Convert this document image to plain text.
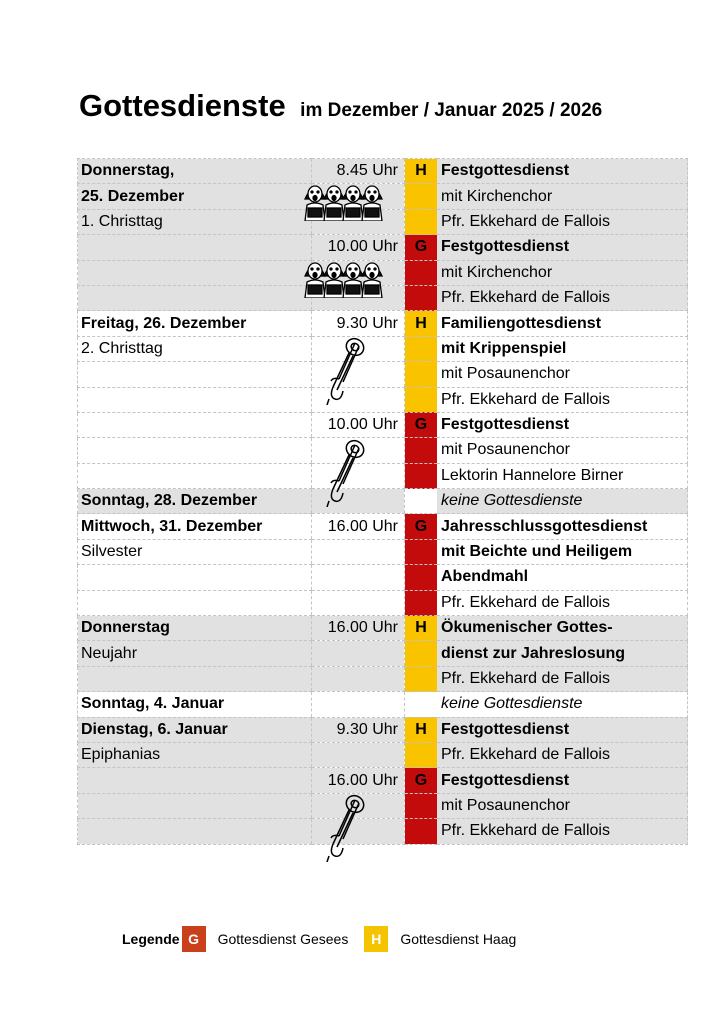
Gottesdienste im Dezember / Januar 2025 / 2026
Donnerstag,	8.45 Uhr	H	Festgottesdienst
25. Dezember			mit Kirchenchor
1. Christtag			Pfr. Ekkehard de Fallois
	10.00 Uhr	G	Festgottesdienst
			mit Kirchenchor
			Pfr. Ekkehard de Fallois
Freitag, 26. Dezember	9.30 Uhr	H	Familiengottesdienst
2. Christtag			mit Krippenspiel
			mit Posaunenchor
			Pfr. Ekkehard de Fallois
	10.00 Uhr	G	Festgottesdienst
			mit Posaunenchor
			Lektorin Hannelore Birner
Sonntag, 28. Dezember			keine Gottesdienste
Mittwoch, 31. Dezember	16.00 Uhr	G	Jahresschlussgottesdienst
Silvester			mit Beichte und Heiligem
			Abendmahl
			Pfr. Ekkehard de Fallois
Donnerstag	16.00 Uhr	H	Ökumenischer Gottes-
Neujahr			dienst zur Jahreslosung
			Pfr. Ekkehard de Fallois
Sonntag, 4. Januar			keine Gottesdienste
Dienstag, 6. Januar	9.30 Uhr	H	Festgottesdienst
Epiphanias			Pfr. Ekkehard de Fallois
	16.00 Uhr	G	Festgottesdienst
			mit Posaunenchor
			Pfr. Ekkehard de Fallois
Legende G	Gottesdienst Gesees	H	Gottesdienst Haag
